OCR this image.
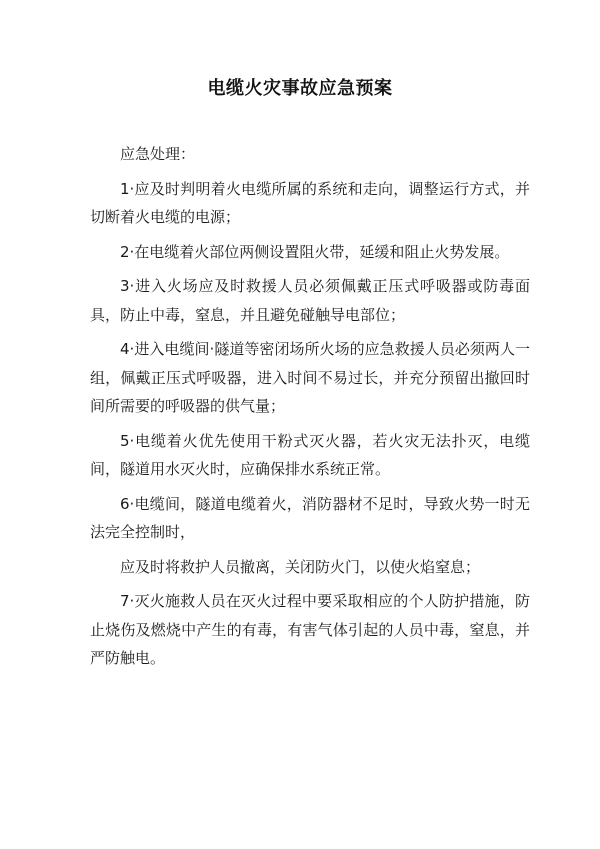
电缆火灾事故应急预案

应急处理：

1·应及时判明着火电缆所属的系统和走向，调整运行方式，并切断着火电缆的电源；

2·在电缆着火部位两侧设置阻火带，延缓和阻止火势发展。

3·进入火场应及时救援人员必须佩戴正压式呼吸器或防毒面具，防止中毒，窒息，并且避免碰触导电部位；

4·进入电缆间·隧道等密闭场所火场的应急救援人员必须两人一组，佩戴正压式呼吸器，进入时间不易过长，并充分预留出撤回时间所需要的呼吸器的供气量；

5·电缆着火优先使用干粉式灭火器，若火灾无法扑灭，电缆间，隧道用水灭火时，应确保排水系统正常。

6·电缆间，隧道电缆着火，消防器材不足时，导致火势一时无法完全控制时，

应及时将救护人员撤离，关闭防火门，以使火焰窒息；

7·灭火施救人员在灭火过程中要采取相应的个人防护措施，防止烧伤及燃烧中产生的有毒，有害气体引起的人员中毒，窒息，并严防触电。
